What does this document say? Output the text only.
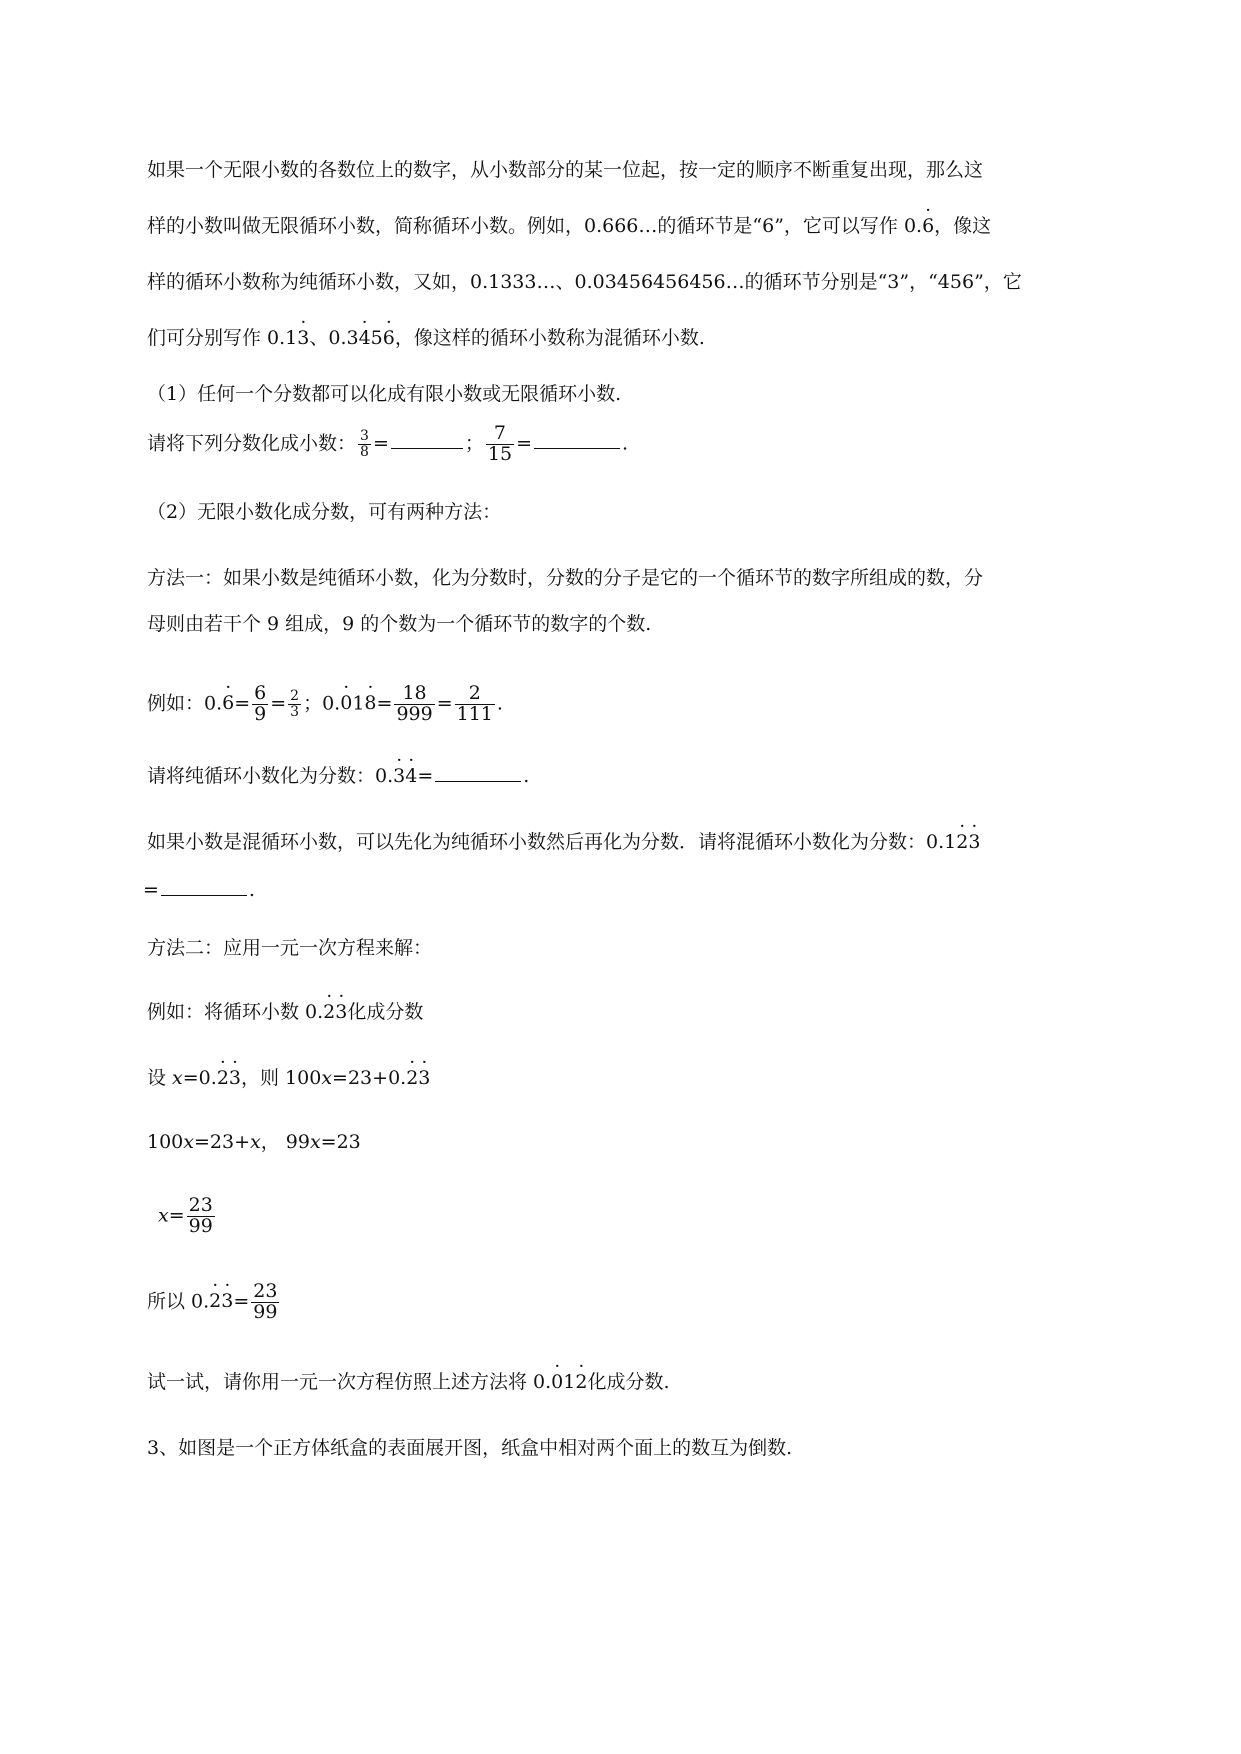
如果一个无限小数的各数位上的数字，从小数部分的某一位起，按一定的顺序不断重复出现，那么这
样的小数叫做无限循环小数，简称循环小数。例如，0.666…的循环节是“6”，它可以写作 0.· 6，像这
样的循环小数称为纯循环小数，又如，0.1333…、0.03456456456…的循环节分别是“3”，“456”，它
们可分别写作 0.1· 3、0.3· 45· 6，像这样的循环小数称为混循环小数.
（1）任何一个分数都可以化成有限小数或无限循环小数.
请将下列分数化成小数： $\frac{3}{8}$ =	； $\frac{7}{15}$ =	.
（2）无限小数化成分数，可有两种方法：
方法一：如果小数是纯循环小数，化为分数时，分数的分子是它的一个循环节的数字所组成的数，分
母则由若干个 9 组成，9 的个数为一个循环节的数字的个数.
例如：$0.\cdot 6= \frac{6}{9} = \frac{2}{3}$ ；$0.\cdot 01\cdot 8= \frac{18}{999} = \frac{2}{111}$ .
请将纯循环小数化为分数：0.· 3· 4=	.
如果小数是混循环小数，可以先化为纯循环小数然后再化为分数．请将混循环小数化为分数：0.1· 2· 3
=	.
方法二：应用一元一次方程来解：
例如：将循环小数 0.· 2· 3化成分数
设 x=0.· 2· 3，则 100x=23+0.· 2· 3
100x=23+x， 99x=23
$x= \frac{23}{99}$
所以 $0.\cdot 2\cdot 3= \frac{23}{99}$
试一试，请你用一元一次方程仿照上述方法将 0.· 01· 2化成分数.
3、如图是一个正方体纸盒的表面展开图，纸盒中相对两个面上的数互为倒数.
